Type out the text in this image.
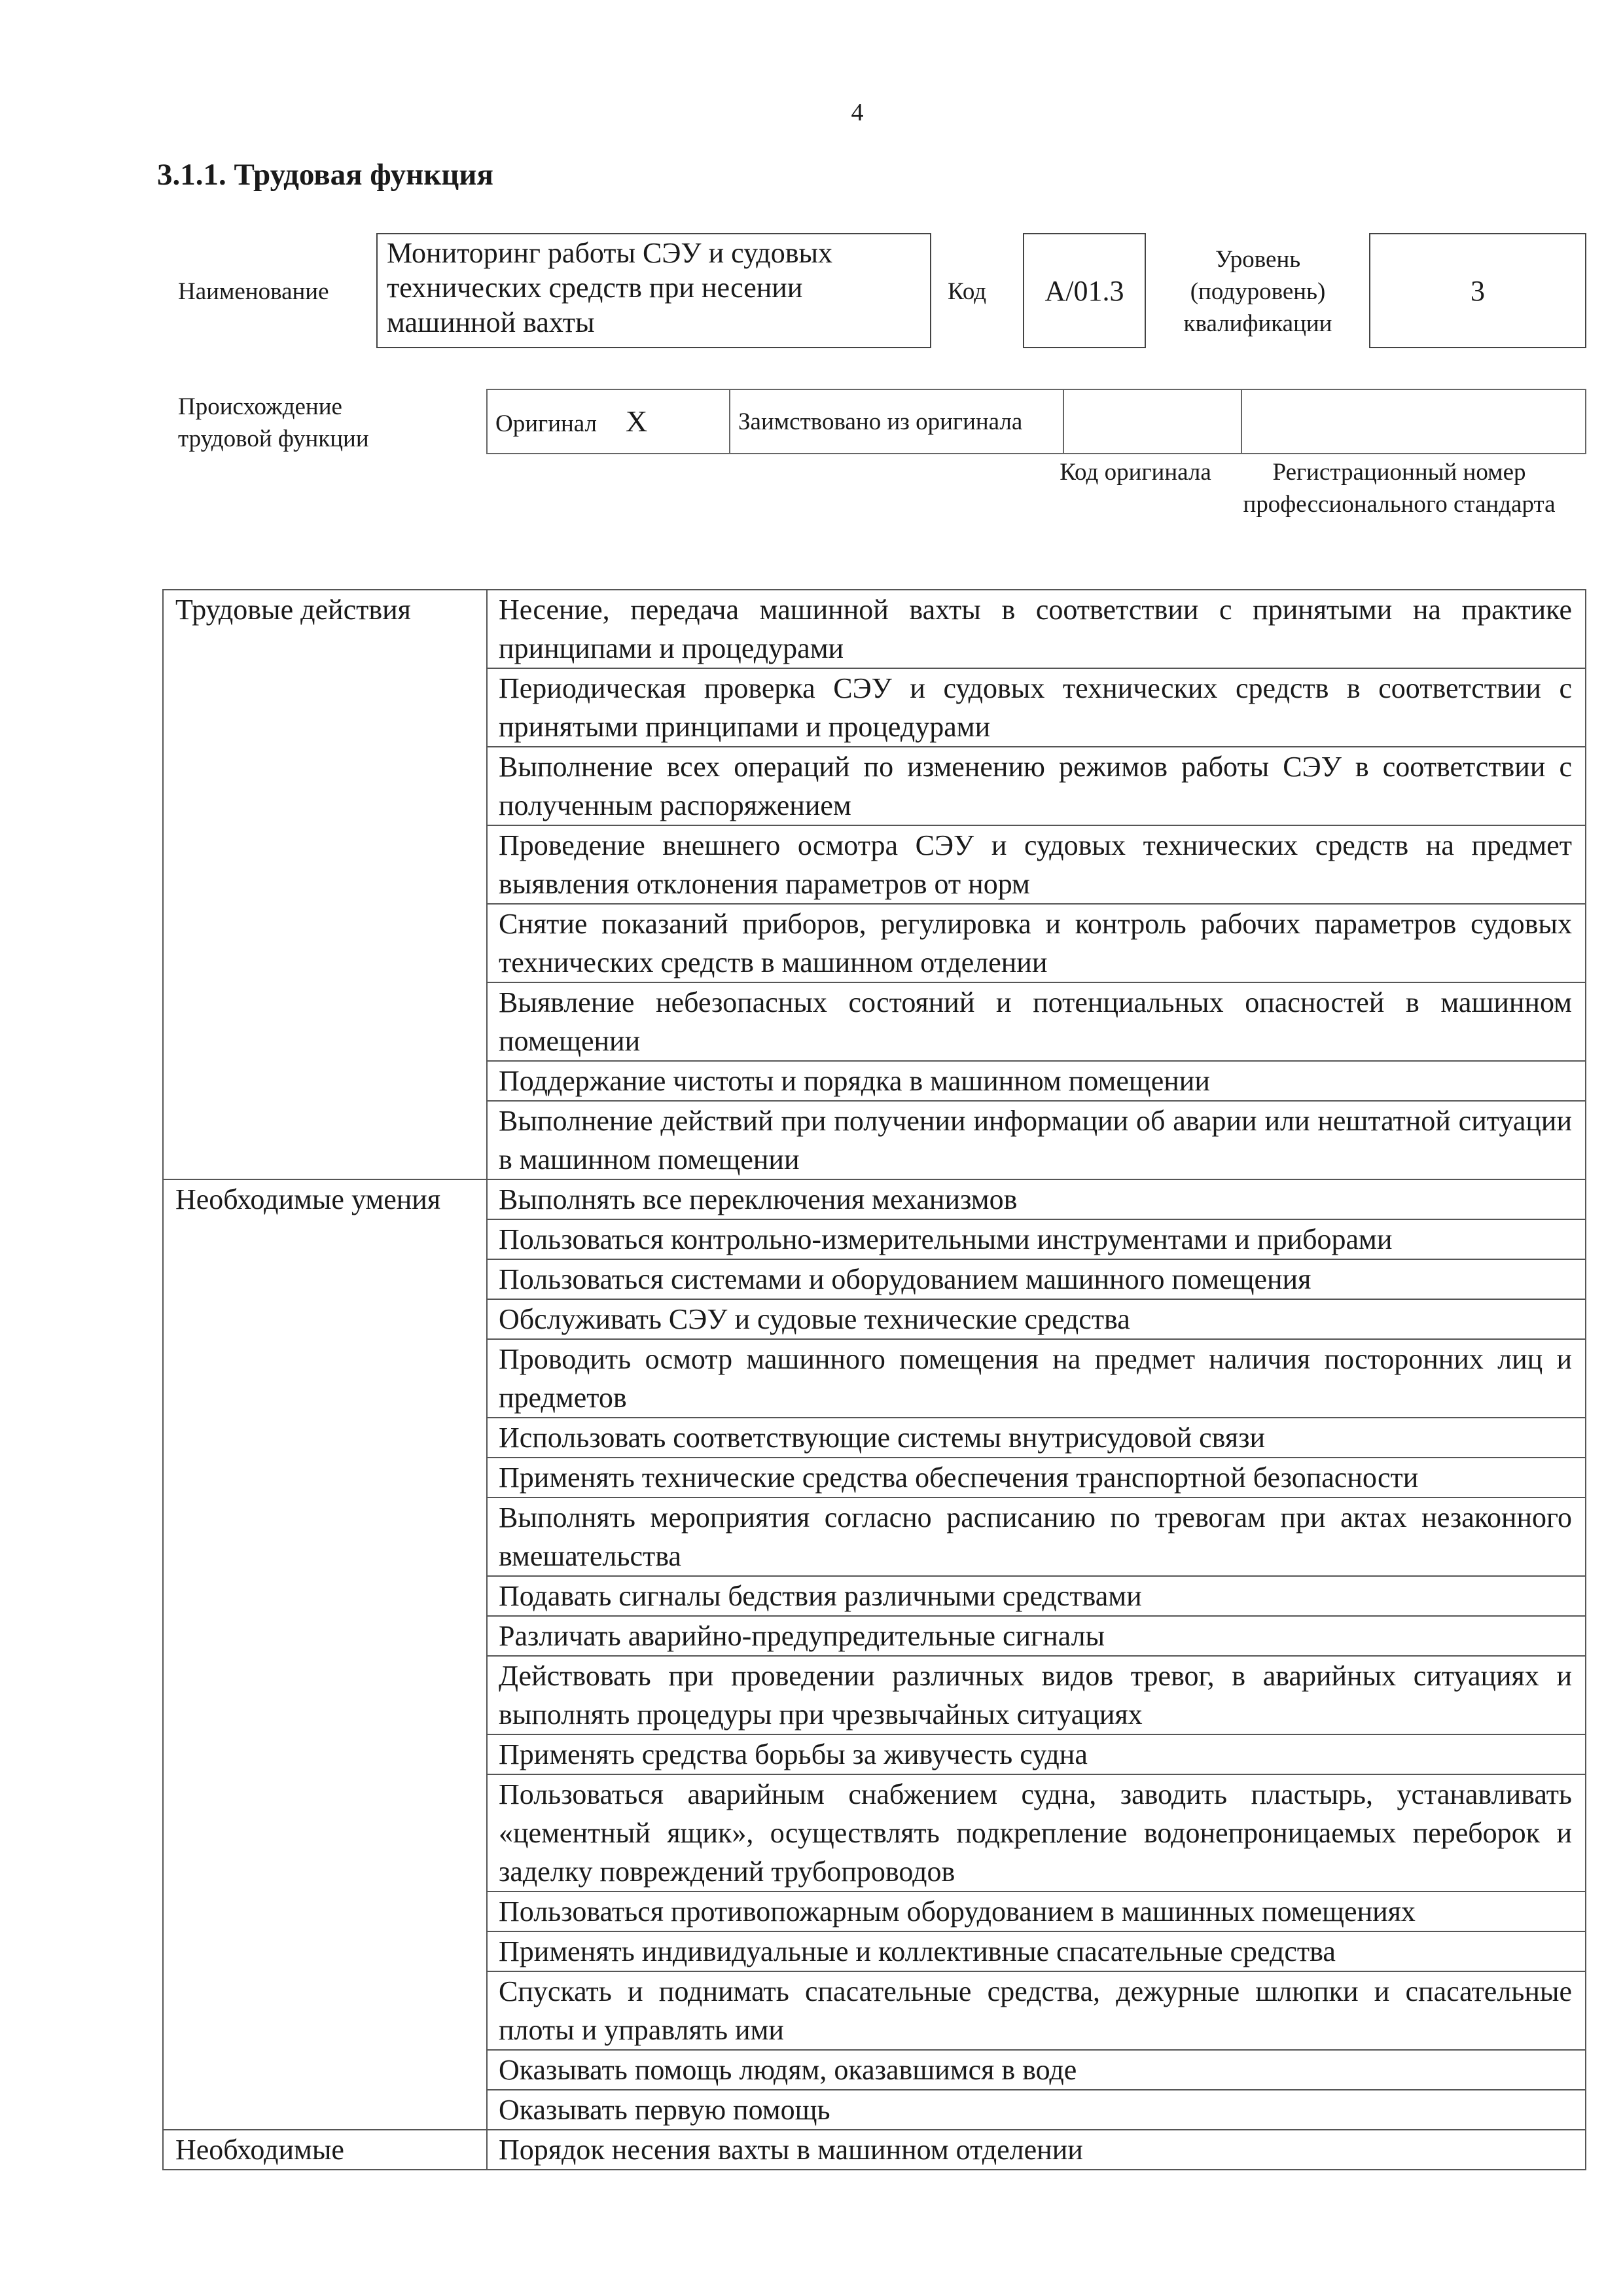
4
3.1.1. Трудовая функция
Наименование
Мониторинг работы СЭУ и судовых технических средств при несении машинной вахты
Код	А/01.3
Уровень (подуровень) квалификации
3
Происхождение трудовой функции
Оригинал Х	Заимствовано из оригинала

Код оригинала	Регистрационный номер профессионального стандарта
Трудовые действия	Несение, передача машинной вахты в соответствии с принятыми на практике принципами и процедурами
	Периодическая проверка СЭУ и судовых технических средств в соответствии с принятыми принципами и процедурами
	Выполнение всех операций по изменению режимов работы СЭУ в соответствии с полученным распоряжением
	Проведение внешнего осмотра СЭУ и судовых технических средств на предмет выявления отклонения параметров от норм
	Снятие показаний приборов, регулировка и контроль рабочих параметров судовых технических средств в машинном отделении
	Выявление небезопасных состояний и потенциальных опасностей в машинном помещении
	Поддержание чистоты и порядка в машинном помещении
	Выполнение действий при получении информации об аварии или нештатной ситуации в машинном помещении
Необходимые умения	Выполнять все переключения механизмов
	Пользоваться контрольно-измерительными инструментами и приборами
	Пользоваться системами и оборудованием машинного помещения
	Обслуживать СЭУ и судовые технические средства
	Проводить осмотр машинного помещения на предмет наличия посторонних лиц и предметов
	Использовать соответствующие системы внутрисудовой связи
	Применять технические средства обеспечения транспортной безопасности
	Выполнять мероприятия согласно расписанию по тревогам при актах незаконного вмешательства
	Подавать сигналы бедствия различными средствами
	Различать аварийно-предупредительные сигналы
	Действовать при проведении различных видов тревог, в аварийных ситуациях и выполнять процедуры при чрезвычайных ситуациях
	Применять средства борьбы за живучесть судна
	Пользоваться аварийным снабжением судна, заводить пластырь, устанавливать «цементный ящик», осуществлять подкрепление водонепроницаемых переборок и заделку повреждений трубопроводов
	Пользоваться противопожарным оборудованием в машинных помещениях
	Применять индивидуальные и коллективные спасательные средства
	Спускать и поднимать спасательные средства, дежурные шлюпки и спасательные плоты и управлять ими
	Оказывать помощь людям, оказавшимся в воде
	Оказывать первую помощь
Необходимые	Порядок несения вахты в машинном отделении
